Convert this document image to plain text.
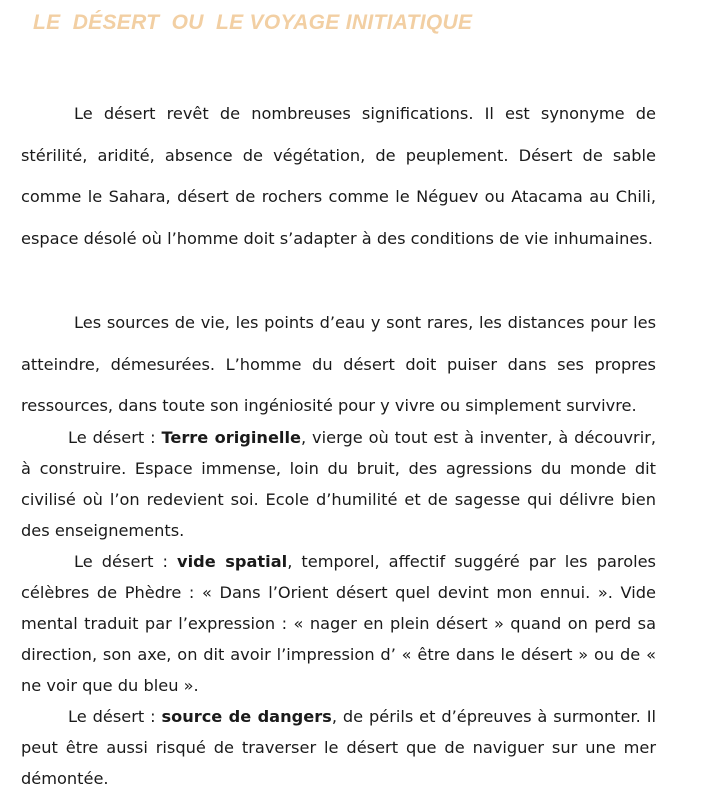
LE  DÉSERT  OU  LE VOYAGE INITIATIQUE

Le désert revêt de nombreuses significations. Il est synonyme de stérilité, aridité, absence de végétation, de peuplement. Désert de sable comme le Sahara, désert de rochers comme le Néguev ou Atacama au Chili, espace désolé où l’homme doit s’adapter à des conditions de vie inhumaines.

Les sources de vie, les points d’eau y sont rares, les distances pour les atteindre, démesurées. L’homme du désert doit puiser dans ses propres ressources, dans toute son ingéniosité pour y vivre ou simplement survivre.

Le désert : Terre originelle, vierge où tout est à inventer, à découvrir, à construire. Espace immense, loin du bruit, des agressions du monde dit civilisé où l’on redevient soi. Ecole d’humilité et de sagesse qui délivre bien des enseignements.

Le désert : vide spatial, temporel, affectif suggéré par les paroles célèbres de Phèdre : « Dans l’Orient désert quel devint mon ennui. ». Vide mental traduit par l’expression : « nager en plein désert » quand on perd sa direction, son axe, on dit avoir l’impression d’ « être dans le désert » ou de « ne voir que du bleu ».

Le désert : source de dangers, de périls et d’épreuves à surmonter. Il peut être aussi risqué de traverser le désert que de naviguer sur une mer démontée.
